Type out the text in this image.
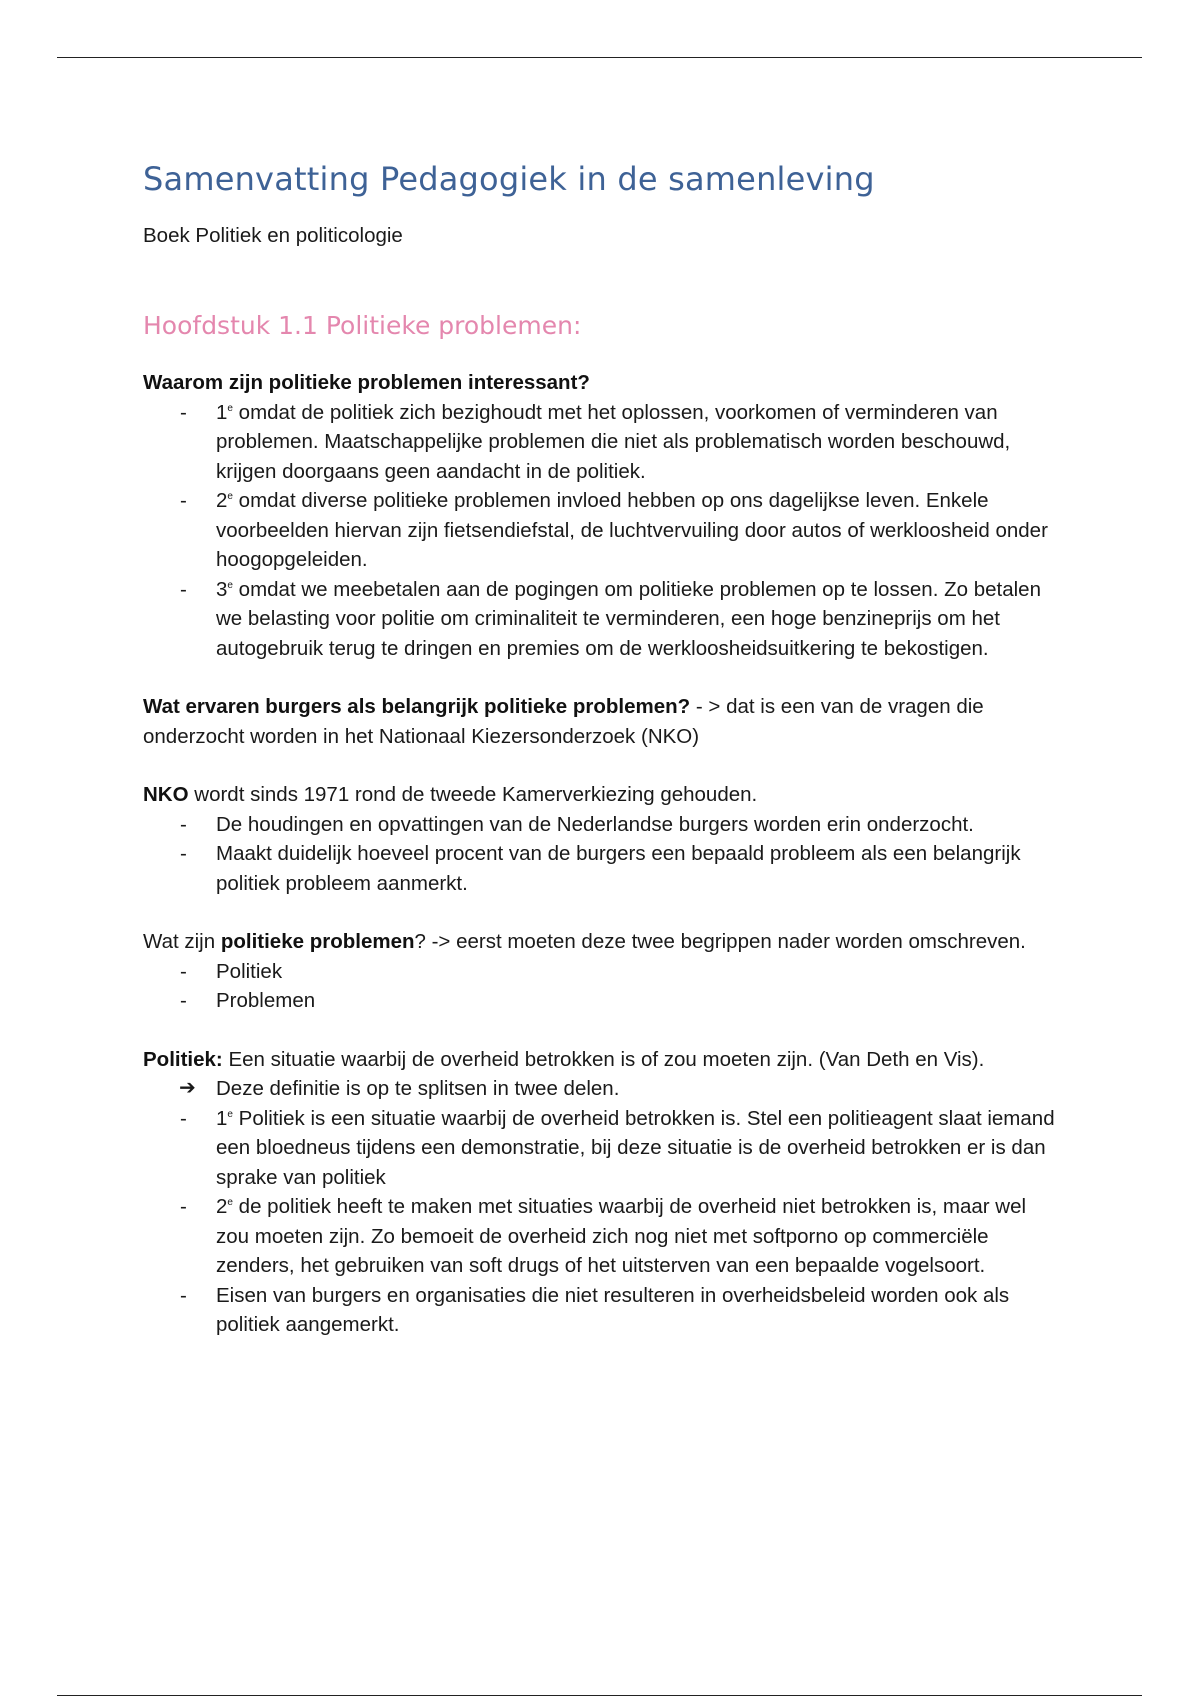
Samenvatting Pedagogiek in de samenleving

Boek Politiek en politicologie

Hoofdstuk 1.1 Politieke problemen:

Waarom zijn politieke problemen interessant?

-	1e omdat de politiek zich bezighoudt met het oplossen, voorkomen of verminderen van problemen. Maatschappelijke problemen die niet als problematisch worden beschouwd, krijgen doorgaans geen aandacht in de politiek.
-	2e omdat diverse politieke problemen invloed hebben op ons dagelijkse leven. Enkele voorbeelden hiervan zijn fietsendiefstal, de luchtvervuiling door autos of werkloosheid onder hoogopgeleiden.
-	3e omdat we meebetalen aan de pogingen om politieke problemen op te lossen. Zo betalen we belasting voor politie om criminaliteit te verminderen, een hoge benzineprijs om het autogebruik terug te dringen en premies om de werkloosheidsuitkering te bekostigen.

Wat ervaren burgers als belangrijk politieke problemen? - > dat is een van de vragen die onderzocht worden in het Nationaal Kiezersonderzoek (NKO)

NKO wordt sinds 1971 rond de tweede Kamerverkiezing gehouden.

-	De houdingen en opvattingen van de Nederlandse burgers worden erin onderzocht.
-	Maakt duidelijk hoeveel procent van de burgers een bepaald probleem als een belangrijk politiek probleem aanmerkt.

Wat zijn politieke problemen? -> eerst moeten deze twee begrippen nader worden omschreven.

-	Politiek
-	Problemen

Politiek: Een situatie waarbij de overheid betrokken is of zou moeten zijn. (Van Deth en Vis).

➔ Deze definitie is op te splitsen in twee delen.
-	1e Politiek is een situatie waarbij de overheid betrokken is. Stel een politieagent slaat iemand een bloedneus tijdens een demonstratie, bij deze situatie is de overheid betrokken er is dan sprake van politiek
-	2e de politiek heeft te maken met situaties waarbij de overheid niet betrokken is, maar wel zou moeten zijn. Zo bemoeit de overheid zich nog niet met softporno op commerciële zenders, het gebruiken van soft drugs of het uitsterven van een bepaalde vogelsoort.
-	Eisen van burgers en organisaties die niet resulteren in overheidsbeleid worden ook als politiek aangemerkt.
